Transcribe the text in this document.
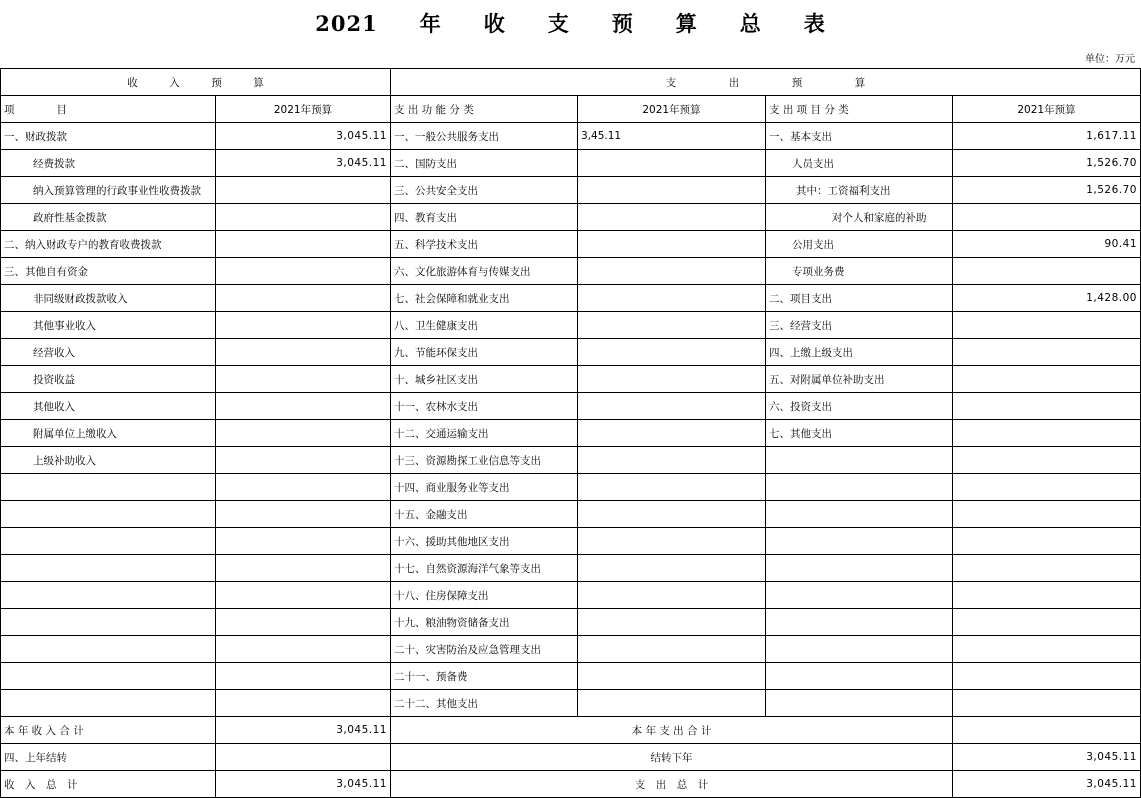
2021 年 收 支 预 算 总 表
单位：万元
收　　　入　　　预　　　算		支　　　　　出　　　　　预　　　　　算			
项　　　　目	2021年预算	支 出 功 能 分 类	2021年预算	支 出 项 目 分 类	2021年预算
一、财政拨款	3,045.11	一、一般公共服务支出	3,45.11	一、基本支出	1,617.11
经费拨款	3,045.11	二、国防支出		人员支出	1,526.70
纳入预算管理的行政事业性收费拨款		三、公共安全支出		其中：工资福利支出	1,526.70
政府性基金拨款		四、教育支出		对个人和家庭的补助	
二、纳入财政专户的教育收费拨款		五、科学技术支出		公用支出	90.41
三、其他自有资金		六、文化旅游体育与传媒支出		专项业务费	
非同级财政拨款收入		七、社会保障和就业支出		二、项目支出	1,428.00
其他事业收入		八、卫生健康支出		三、经营支出	
经营收入		九、节能环保支出		四、上缴上级支出	
投资收益		十、城乡社区支出		五、对附属单位补助支出	
其他收入		十一、农林水支出		六、投资支出	
附属单位上缴收入		十二、交通运输支出		七、其他支出	
上级补助收入		十三、资源勘探工业信息等支出			
		十四、商业服务业等支出			
		十五、金融支出			
		十六、援助其他地区支出			
		十七、自然资源海洋气象等支出			
		十八、住房保障支出			
		十九、粮油物资储备支出			
		二十、灾害防治及应急管理支出			
		二十一、预备费			
		二十二、其他支出			
本 年 收 入 合 计	3,045.11	本 年 支 出 合 计			
四、上年结转		结转下年			3,045.11
收　入　总　计	3,045.11	支　出　总　计			3,045.11
